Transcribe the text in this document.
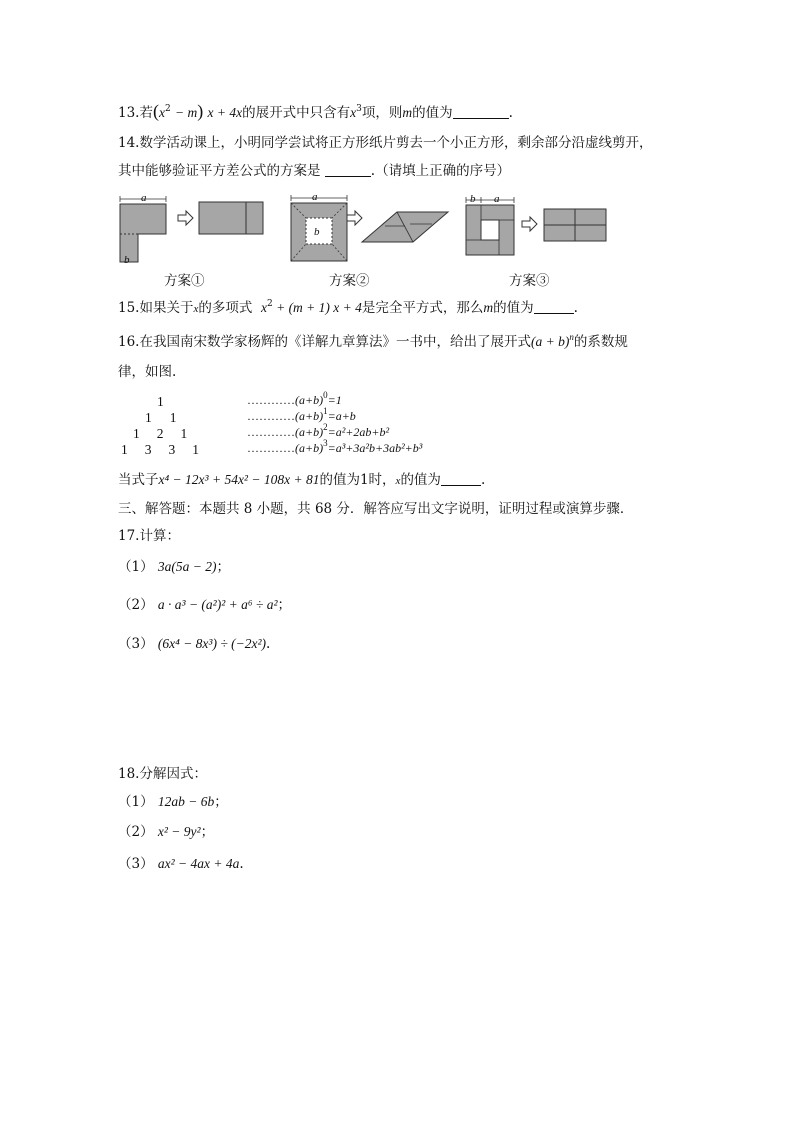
13.若$(x^2 - m) x + 4x$的展开式中只含有$x^3$项，则m的值为	.
14.数学活动课上，小明同学尝试将正方形纸片剪去一个小正方形，剩余部分沿虚线剪开，
其中能够验证平方差公式的方案是	.（请填上正确的序号）
a
b
a
b
b a
方案①	方案②	方案③
15.如果关于x的多项式 $x^2 + (m + 1) x + 4$是完全平方式，那么m的值为	.
16.在我国南宋数学家杨辉的《详解九章算法》一书中，给出了展开式$(a + b)^n$的系数规
律，如图.
1
1 1
1 2 1
1 3 3 1
$\dots\dots\dots\dots(a+b)^0=1$
$\dots\dots\dots\dots(a+b)^1=a+b$
$\dots\dots\dots\dots(a+b)^2=a^2+2ab+b^2$
$\dots\dots\dots\dots(a+b)^3=a^3+3a^2b+3ab^2+b^3$
当式子x⁴ − 12x³ + 54x² − 108x + 81的值为1时，x的值为	.
三、解答题：本题共 8 小题，共 68 分．解答应写出文字说明，证明过程或演算步骤．
17.计算：
（1） 3a(5a − 2)；
（2） a · a³ − (a²)² + a⁶ ÷ a²；
（3） (6x⁴ − 8x³) ÷ (−2x²).
18.分解因式：
（1） 12ab − 6b；
（2） x² − 9y²；
（3） ax² − 4ax + 4a.
